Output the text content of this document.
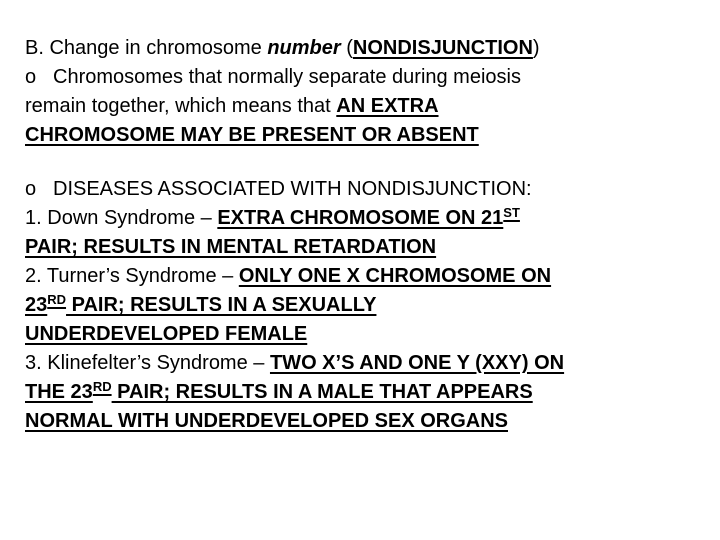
B. Change in chromosome number (NONDISJUNCTION)
o Chromosomes that normally separate during meiosis
remain together, which means that AN EXTRA
CHROMOSOME MAY BE PRESENT OR ABSENT
o DISEASES ASSOCIATED WITH NONDISJUNCTION:
1. Down Syndrome – EXTRA CHROMOSOME ON 21ST
PAIR; RESULTS IN MENTAL RETARDATION
2. Turner’s Syndrome – ONLY ONE X CHROMOSOME ON
23RD PAIR; RESULTS IN A SEXUALLY
UNDERDEVELOPED FEMALE
3. Klinefelter’s Syndrome – TWO X’S AND ONE Y (XXY) ON
THE 23RD PAIR; RESULTS IN A MALE THAT APPEARS
NORMAL WITH UNDERDEVELOPED SEX ORGANS
